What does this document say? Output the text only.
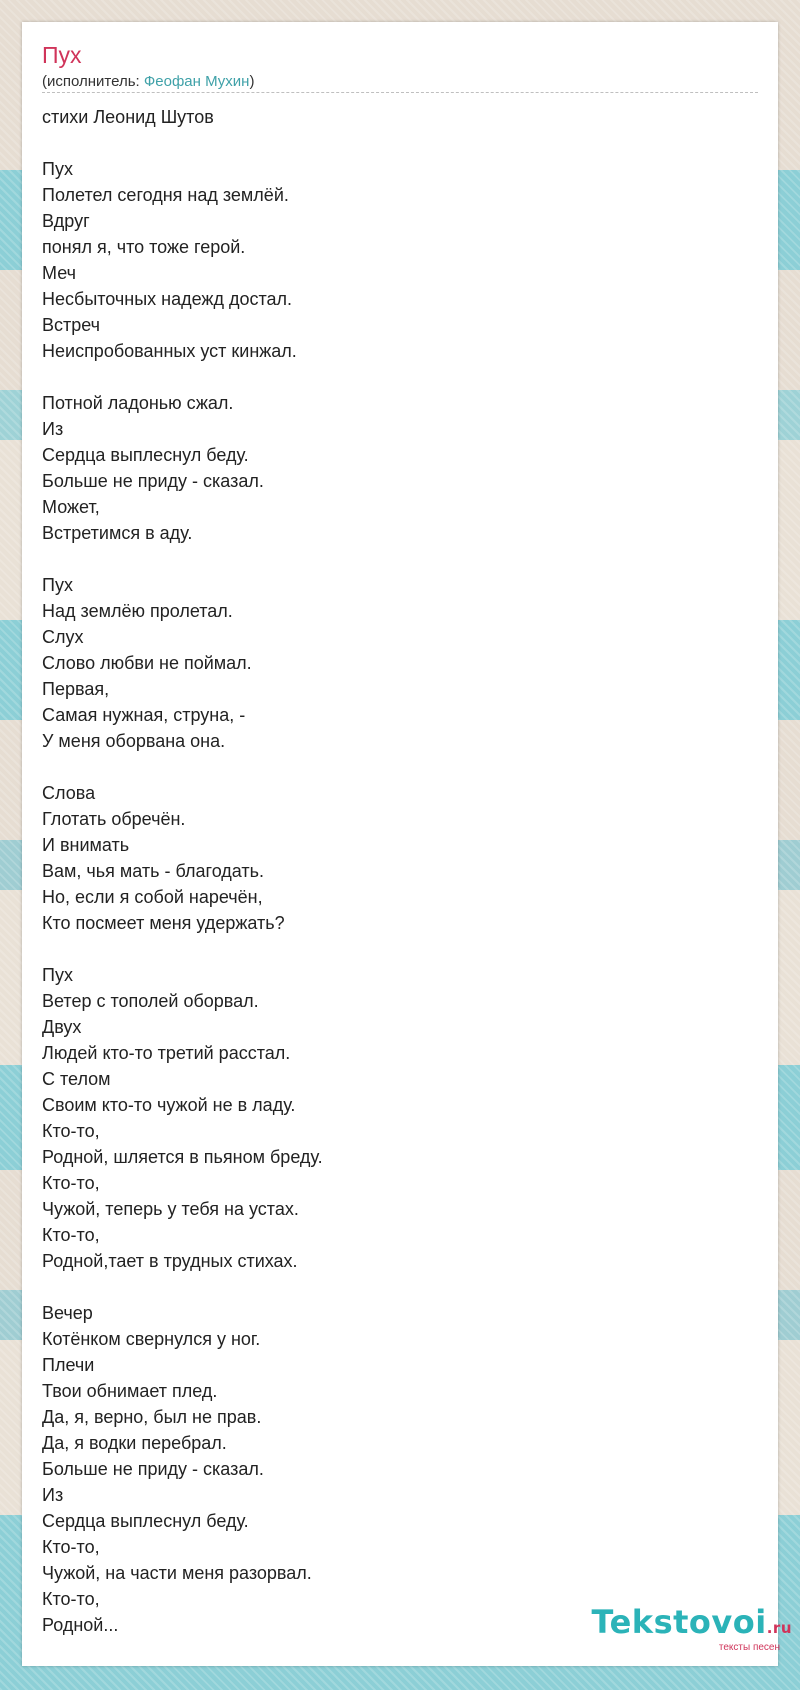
Пух
(исполнитель: Феофан Мухин)
стихи Леонид Шутов
Пух
Полетел сегодня над землёй.
Вдруг
понял я, что тоже герой.
Меч
Несбыточных надежд достал.
Встреч
Неиспробованных уст кинжал.
Потной ладонью сжал.
Из
Сердца выплеснул беду.
Больше не приду - сказал.
Может,
Встретимся в аду.
Пух
Над землёю пролетал.
Слух
Слово любви не поймал.
Первая,
Самая нужная, струна, -
У меня оборвана она.
Слова
Глотать обречён.
И внимать
Вам, чья мать - благодать.
Но, если я собой наречён,
Кто посмеет меня удержать?
Пух
Ветер с тополей оборвал.
Двух
Людей кто-то третий расстал.
С телом
Своим кто-то чужой не в ладу.
Кто-то,
Родной, шляется в пьяном бреду.
Кто-то,
Чужой, теперь у тебя на устах.
Кто-то,
Родной,тает в трудных стихах.
Вечер
Котёнком свернулся у ног.
Плечи
Твои обнимает плед.
Да, я, верно, был не прав.
Да, я водки перебрал.
Больше не приду - сказал.
Из
Сердца выплеснул беду.
Кто-то,
Чужой, на части меня разорвал.
Кто-то,
Родной...	Tekstovoi.ru
тексты песен
